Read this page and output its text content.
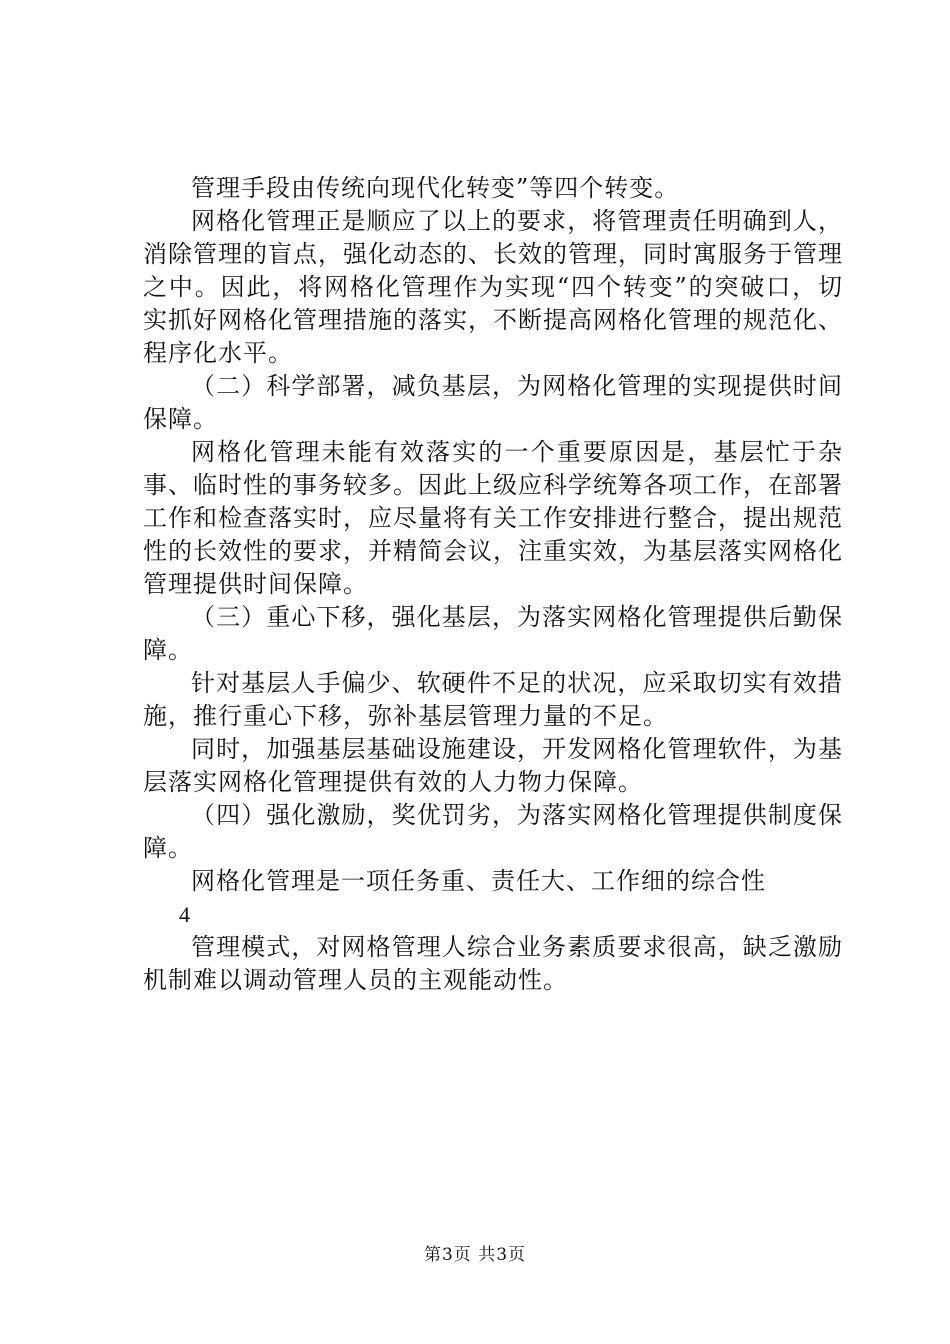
管理手段由传统向现代化转变”等四个转变。

网格化管理正是顺应了以上的要求，将管理责任明确到人，消除管理的盲点，强化动态的、长效的管理，同时寓服务于管理之中。因此，将网格化管理作为实现“四个转变”的突破口，切实抓好网格化管理措施的落实，不断提高网格化管理的规范化、程序化水平。

（二）科学部署，减负基层，为网格化管理的实现提供时间保障。

网格化管理未能有效落实的一个重要原因是，基层忙于杂事、临时性的事务较多。因此上级应科学统筹各项工作，在部署工作和检查落实时，应尽量将有关工作安排进行整合，提出规范性的长效性的要求，并精简会议，注重实效，为基层落实网格化管理提供时间保障。

（三）重心下移，强化基层，为落实网格化管理提供后勤保障。

针对基层人手偏少、软硬件不足的状况，应采取切实有效措施，推行重心下移，弥补基层管理力量的不足。

同时，加强基层基础设施建设，开发网格化管理软件，为基层落实网格化管理提供有效的人力物力保障。

（四）强化激励，奖优罚劣，为落实网格化管理提供制度保障。

网格化管理是一项任务重、责任大、工作细的综合性

4

管理模式，对网格管理人综合业务素质要求很高，缺乏激励机制难以调动管理人员的主观能动性。

第3页 共3页
